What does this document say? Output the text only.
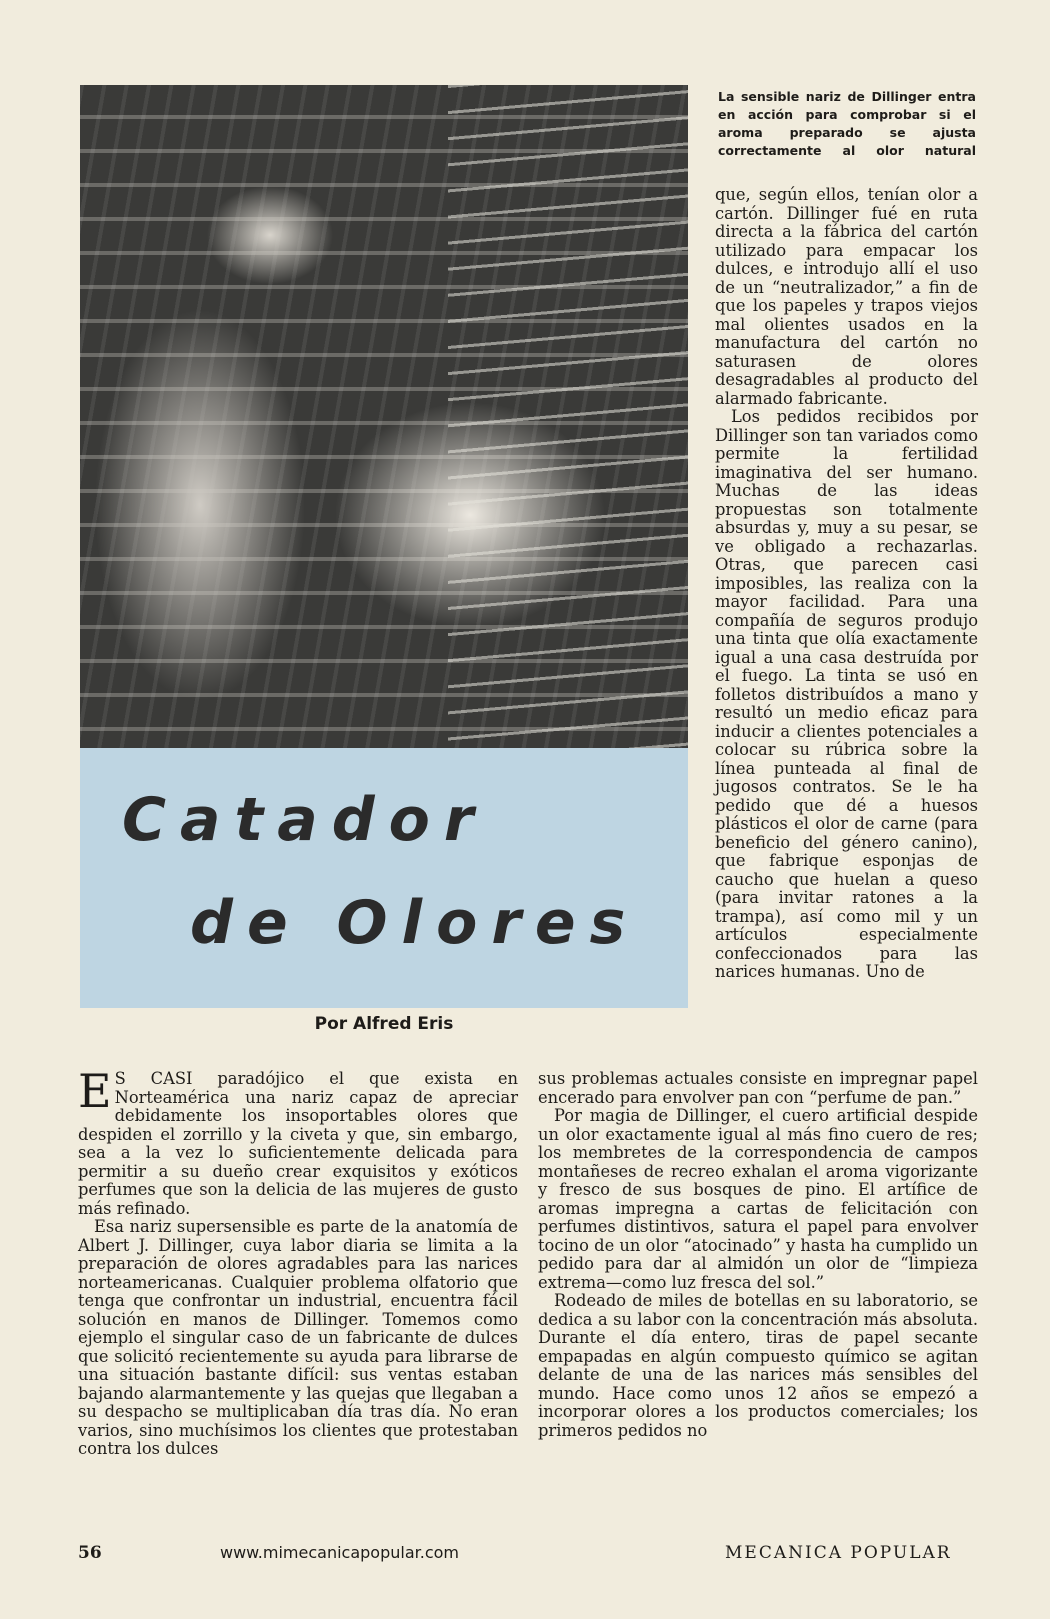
La sensible nariz de Dillinger entra en acción para comprobar si el aroma preparado se ajusta correctamente al olor natural
Catador
de Olores
Por Alfred Eris

que, según ellos, tenían olor a cartón. Dillinger fué en ruta directa a la fábrica del cartón utilizado para empacar los dulces, e introdujo allí el uso de un “neutralizador,” a fin de que los papeles y trapos viejos mal olientes usados en la manufactura del cartón no saturasen de olores desagradables al producto del alarmado fabricante.

Los pedidos recibidos por Dillinger son tan variados como permite la fertilidad imaginativa del ser humano. Muchas de las ideas propuestas son totalmente absurdas y, muy a su pesar, se ve obligado a rechazarlas. Otras, que parecen casi imposibles, las realiza con la mayor facilidad. Para una compañía de seguros produjo una tinta que olía exactamente igual a una casa destruída por el fuego. La tinta se usó en folletos distribuídos a mano y resultó un medio eficaz para inducir a clientes potenciales a colocar su rúbrica sobre la línea punteada al final de jugosos contratos. Se le ha pedido que dé a huesos plásticos el olor de carne (para beneficio del género canino), que fabrique esponjas de caucho que huelan a queso (para invitar ratones a la trampa), así como mil y un artículos especialmente confeccionados para las narices humanas. Uno de

E S CASI paradójico el que exista en Norteamérica una nariz capaz de apreciar debidamente los insoportables olores que despiden el zorrillo y la civeta y que, sin embargo, sea a la vez lo suficientemente delicada para permitir a su dueño crear exquisitos y exóticos perfumes que son la delicia de las mujeres de gusto más refinado.

Esa nariz supersensible es parte de la anatomía de Albert J. Dillinger, cuya labor diaria se limita a la preparación de olores agradables para las narices norteamericanas. Cualquier problema olfatorio que tenga que confrontar un industrial, encuentra fácil solución en manos de Dillinger. Tomemos como ejemplo el singular caso de un fabricante de dulces que solicitó recientemente su ayuda para librarse de una situación bastante difícil: sus ventas estaban bajando alarmantemente y las quejas que llegaban a su despacho se multiplicaban día tras día. No eran varios, sino muchísimos los clientes que protestaban contra los dulces

sus problemas actuales consiste en impregnar papel encerado para envolver pan con “perfume de pan.”

Por magia de Dillinger, el cuero artificial despide un olor exactamente igual al más fino cuero de res; los membretes de la correspondencia de campos montañeses de recreo exhalan el aroma vigorizante y fresco de sus bosques de pino. El artífice de aromas impregna a cartas de felicitación con perfumes distintivos, satura el papel para envolver tocino de un olor “atocinado” y hasta ha cumplido un pedido para dar al almidón un olor de “limpieza extrema—como luz fresca del sol.”

Rodeado de miles de botellas en su laboratorio, se dedica a su labor con la concentración más absoluta. Durante el día entero, tiras de papel secante empapadas en algún compuesto químico se agitan delante de una de las narices más sensibles del mundo. Hace como unos 12 años se empezó a incorporar olores a los productos comerciales; los primeros pedidos no

56	www.mimecanicapopular.com	MECANICA POPULAR
